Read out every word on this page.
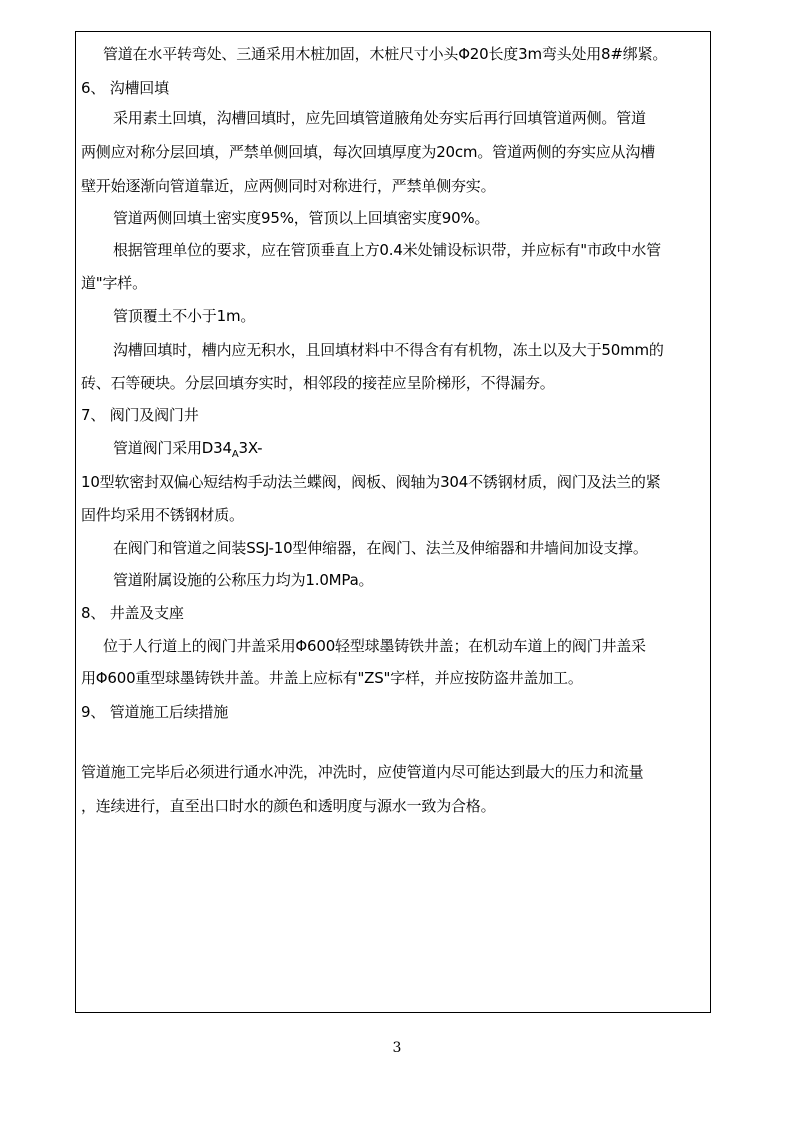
管道在水平转弯处、三通采用木桩加固，木桩尺寸小头Φ20长度3m弯头处用8#绑紧。
6、 沟槽回填
采用素土回填，沟槽回填时，应先回填管道腋角处夯实后再行回填管道两侧。管道
两侧应对称分层回填，严禁单侧回填，每次回填厚度为20cm。管道两侧的夯实应从沟槽
壁开始逐渐向管道靠近，应两侧同时对称进行，严禁单侧夯实。
管道两侧回填土密实度95%，管顶以上回填密实度90%。
根据管理单位的要求，应在管顶垂直上方0.4米处铺设标识带，并应标有"市政中水管
道"字样。
管顶覆土不小于1m。
沟槽回填时，槽内应无积水，且回填材料中不得含有有机物，冻土以及大于50mm的
砖、石等硬块。分层回填夯实时，相邻段的接茬应呈阶梯形，不得漏夯。
7、 阀门及阀门井
管道阀门采用$D34_A3X-$
10型软密封双偏心短结构手动法兰蝶阀，阀板、阀轴为304不锈钢材质，阀门及法兰的紧
固件均采用不锈钢材质。
在阀门和管道之间装SSJ-10型伸缩器，在阀门、法兰及伸缩器和井墙间加设支撑。
管道附属设施的公称压力均为1.0MPa。
8、 井盖及支座
位于人行道上的阀门井盖采用Φ600轻型球墨铸铁井盖；在机动车道上的阀门井盖采
用Φ600重型球墨铸铁井盖。井盖上应标有"ZS"字样，并应按防盗井盖加工。
9、 管道施工后续措施
管道施工完毕后必须进行通水冲洗，冲洗时，应使管道内尽可能达到最大的压力和流量
，连续进行，直至出口时水的颜色和透明度与源水一致为合格。
3
